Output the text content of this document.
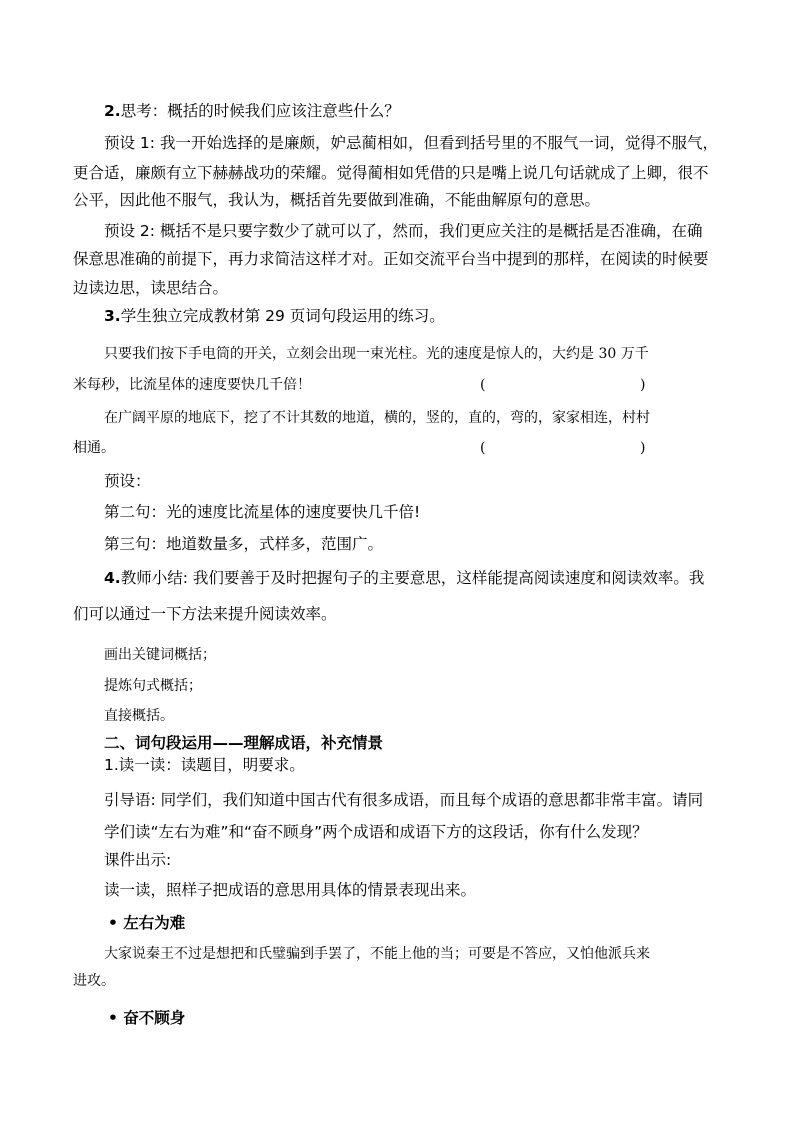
2.思考：概括的时候我们应该注意些什么？
预设 1: 我一开始选择的是廉颇，妒忌蔺相如，但看到括号里的不服气一词，觉得不服气，
更合适，廉颇有立下赫赫战功的荣耀。觉得蔺相如凭借的只是嘴上说几句话就成了上卿，很不
公平，因此他不服气，我认为，概括首先要做到准确，不能曲解原句的意思。
预设 2: 概括不是只要字数少了就可以了，然而，我们更应关注的是概括是否准确，在确
保意思准确的前提下，再力求简洁这样才对。正如交流平台当中提到的那样，在阅读的时候要
边读边思，读思结合。
3.学生独立完成教材第 29 页词句段运用的练习。
只要我们按下手电筒的开关，立刻会出现一束光柱。光的速度是惊人的，大约是 30 万千
米每秒，比流星体的速度要快几千倍！	(	)
在广阔平原的地底下，挖了不计其数的地道，横的，竖的，直的，弯的，家家相连，村村
相通。	(	)
预设：
第二句：光的速度比流星体的速度要快几千倍!
第三句：地道数量多，式样多，范围广。
4.教师小结: 我们要善于及时把握句子的主要意思，这样能提高阅读速度和阅读效率。我
们可以通过一下方法来提升阅读效率。
画出关键词概括；
提炼句式概括；
直接概括。
二、词句段运用——理解成语，补充情景
1.读一读：读题目，明要求。
引导语: 同学们，我们知道中国古代有很多成语，而且每个成语的意思都非常丰富。请同
学们读“左右为难”和“奋不顾身”两个成语和成语下方的这段话，你有什么发现？
课件出示:
读一读，照样子把成语的意思用具体的情景表现出来。
• 左右为难
大家说秦王不过是想把和氏璧骗到手罢了，不能上他的当；可要是不答应，又怕他派兵来
进攻。
• 奋不顾身
